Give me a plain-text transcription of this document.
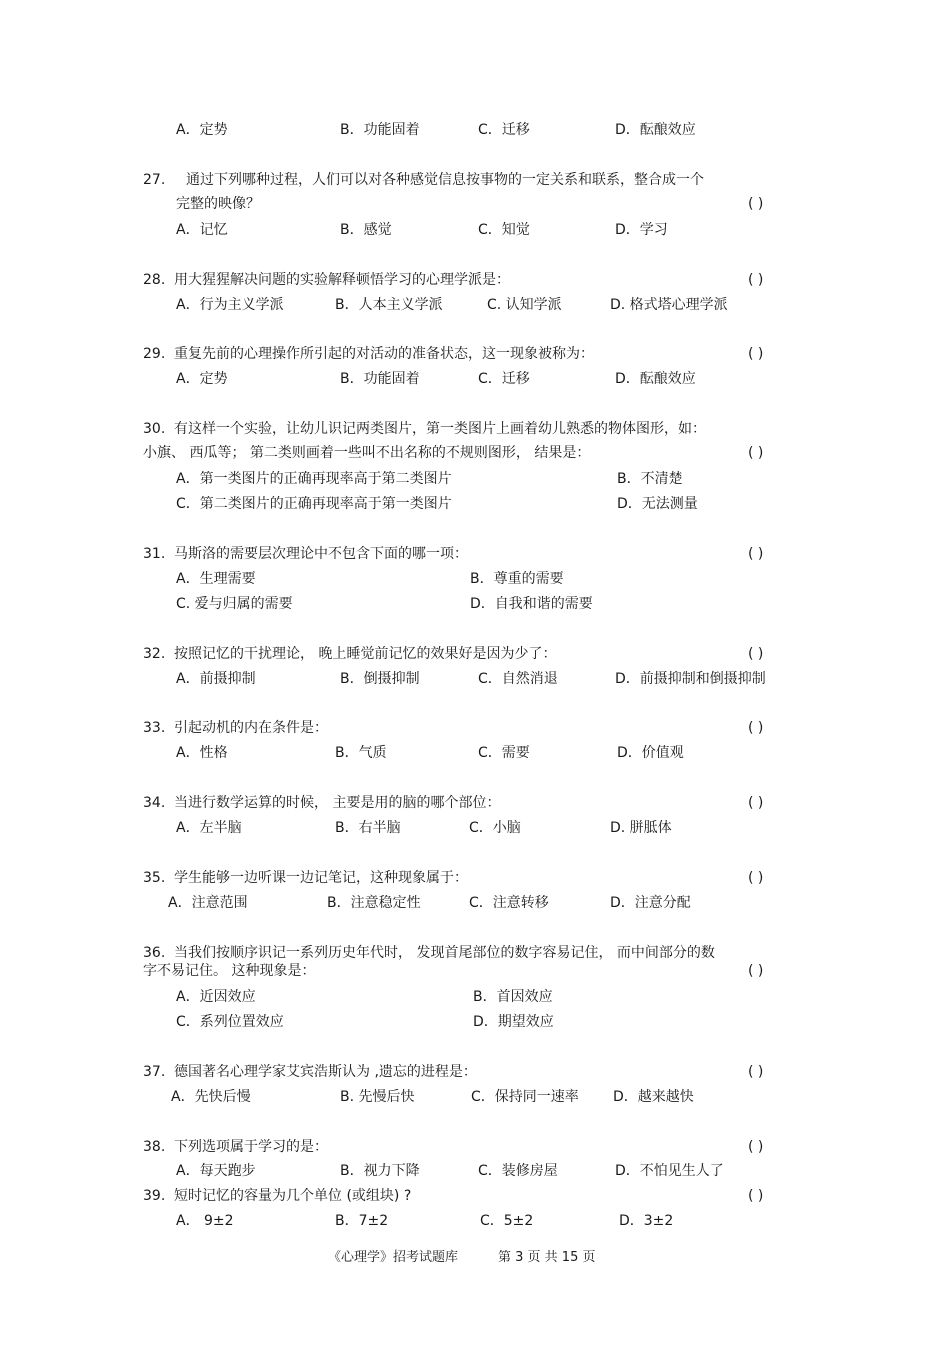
A．定势	B．功能固着	C．迁移	D．酝酿效应
27. 通过下列哪种过程，人们可以对各种感觉信息按事物的一定关系和联系，整合成一个
完整的映像？	( )
A．记忆	B．感觉	C．知觉	D．学习
28. 用大猩猩解决问题的实验解释顿悟学习的心理学派是：	( )
A．行为主义学派	B．人本主义学派	C. 认知学派	D. 格式塔心理学派
29. 重复先前的心理操作所引起的对活动的准备状态，这一现象被称为：	( )
A．定势	B．功能固着	C．迁移	D．酝酿效应
30. 有这样一个实验，让幼儿识记两类图片，第一类图片上画着幼儿熟悉的物体图形，如：
小旗、 西瓜等； 第二类则画着一些叫不出名称的不规则图形， 结果是：	( )
A．第一类图片的正确再现率高于第二类图片	B．不清楚
C．第二类图片的正确再现率高于第一类图片	D．无法测量
31. 马斯洛的需要层次理论中不包含下面的哪一项：	( )
A．生理需要	B．尊重的需要
C. 爱与归属的需要	D．自我和谐的需要
32. 按照记忆的干扰理论， 晚上睡觉前记忆的效果好是因为少了：	( )
A．前摄抑制	B．倒摄抑制	C．自然消退	D．前摄抑制和倒摄抑制
33. 引起动机的内在条件是：	( )
A．性格	B．气质	C．需要	D．价值观
34. 当进行数学运算的时候， 主要是用的脑的哪个部位：	( )
A．左半脑	B．右半脑	C．小脑	D. 胼胝体
35. 学生能够一边听课一边记笔记，这种现象属于：	( )
A．注意范围	B．注意稳定性	C．注意转移	D．注意分配
36. 当我们按顺序识记一系列历史年代时， 发现首尾部位的数字容易记住， 而中间部分的数
字不易记住。 这种现象是：	( )
A．近因效应	B．首因效应
C．系列位置效应	D．期望效应
37. 德国著名心理学家艾宾浩斯认为 ,遗忘的进程是：	( )
A．先快后慢	B. 先慢后快	C．保持同一速率 D．越来越快
38. 下列选项属于学习的是：	( )
A．每天跑步	B．视力下降	C．装修房屋	D．不怕见生人了
39. 短时记忆的容量为几个单位 (或组块) ?	( )
A． 9±2	B．7±2	C．5±2	D．3±2
《心理学》招考试题库	第 3 页 共 15 页
